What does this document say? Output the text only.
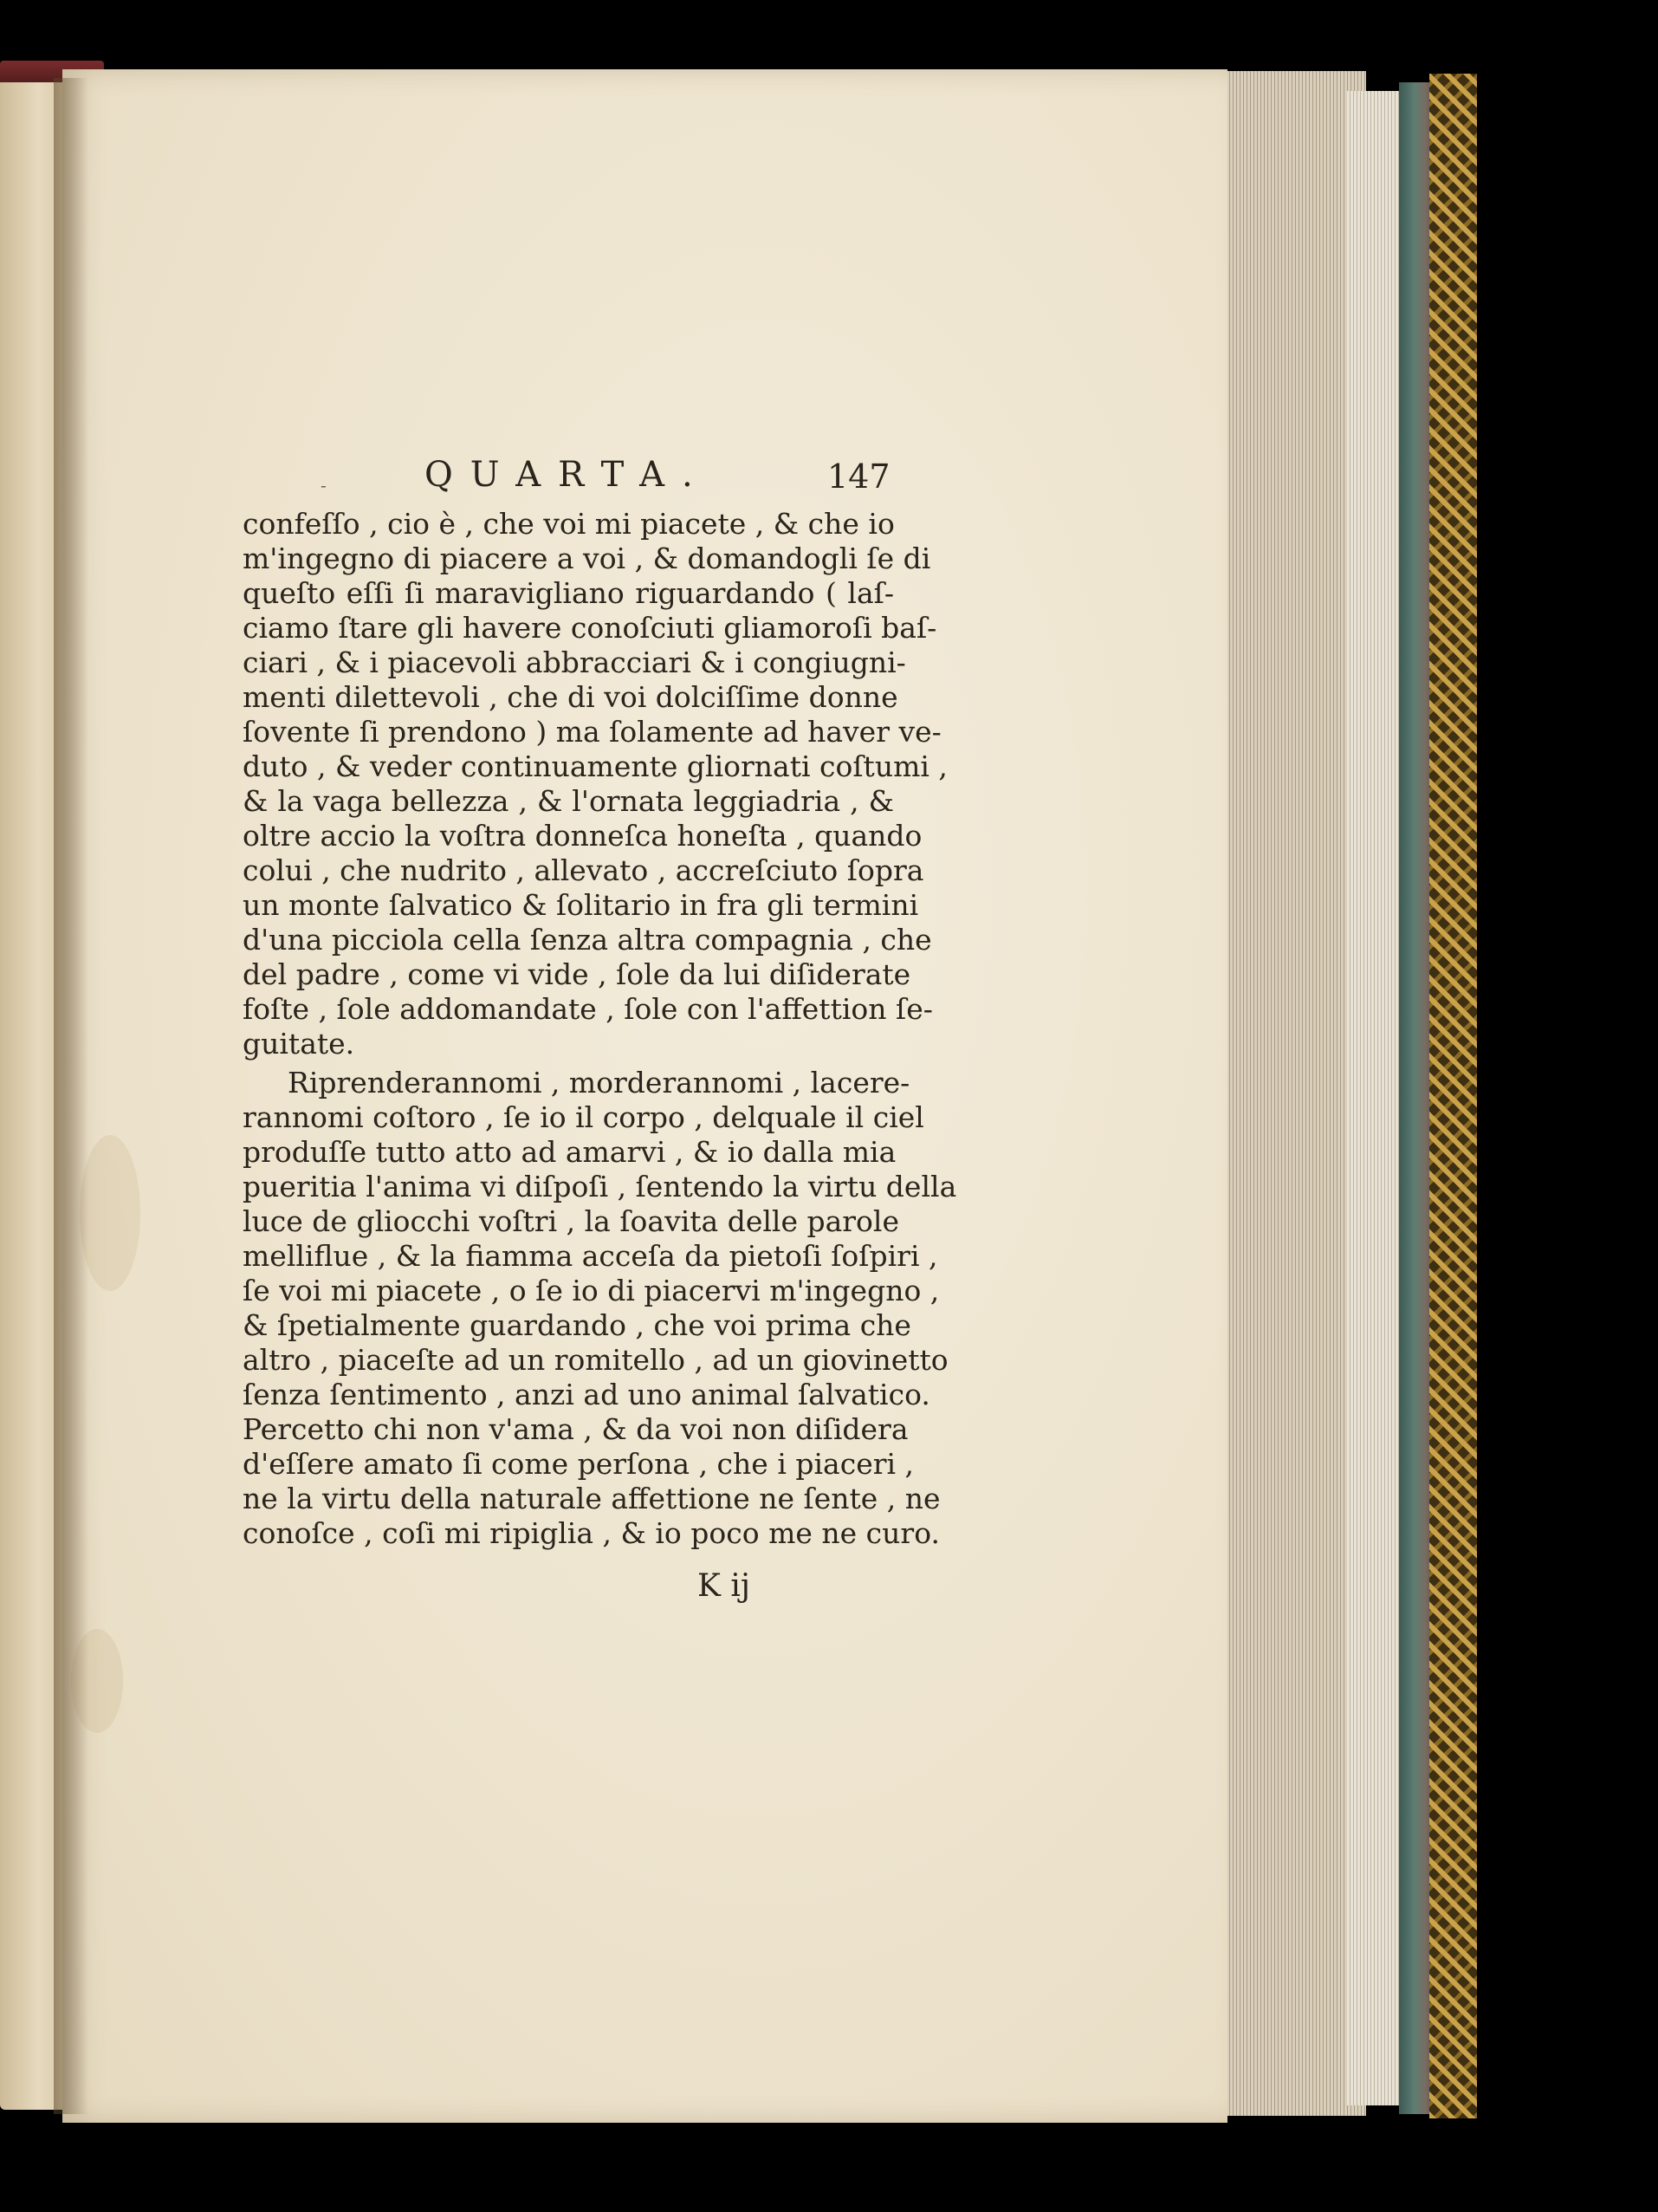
-	QUARTA.	147
confeſſo , cio è , che voi mi piacete , & che io
m'ingegno di piacere a voi , & domandogli ſe di
queſto eſſi ſi maravigliano riguardando ( laſ-
ciamo ſtare gli havere conoſciuti gliamoroſi baſ-
ciari , & i piacevoli abbracciari & i congiugni-
menti dilettevoli , che di voi dolciſſime donne
ſovente ſi prendono ) ma ſolamente ad haver ve-
duto , & veder continuamente gliornati coſtumi ,
& la vaga bellezza , & l'ornata leggiadria , &
oltre accio la voſtra donneſca honeſta , quando
colui , che nudrito , allevato , accreſciuto ſopra
un monte ſalvatico & ſolitario in fra gli termini
d'una picciola cella ſenza altra compagnia , che
del padre , come vi vide , ſole da lui diſiderate
foſte , ſole addomandate , ſole con l'affettion ſe-
guitate.
Riprenderannomi , morderannomi , lacere-
rannomi coſtoro , ſe io il corpo , delquale il ciel
produſſe tutto atto ad amarvi , & io dalla mia
pueritia l'anima vi diſpoſi , ſentendo la virtu della
luce de gliocchi voſtri , la ſoavita delle parole
melliflue , & la fiamma acceſa da pietoſi ſoſpiri ,
ſe voi mi piacete , o ſe io di piacervi m'ingegno ,
& ſpetialmente guardando , che voi prima che
altro , piaceſte ad un romitello , ad un giovinetto
ſenza ſentimento , anzi ad uno animal ſalvatico.
Percetto chi non v'ama , & da voi non diſidera
d'eſſere amato ſi come perſona , che i piaceri ,
ne la virtu della naturale affettione ne ſente , ne
conoſce , coſi mi ripiglia , & io poco me ne curo.
K ij
